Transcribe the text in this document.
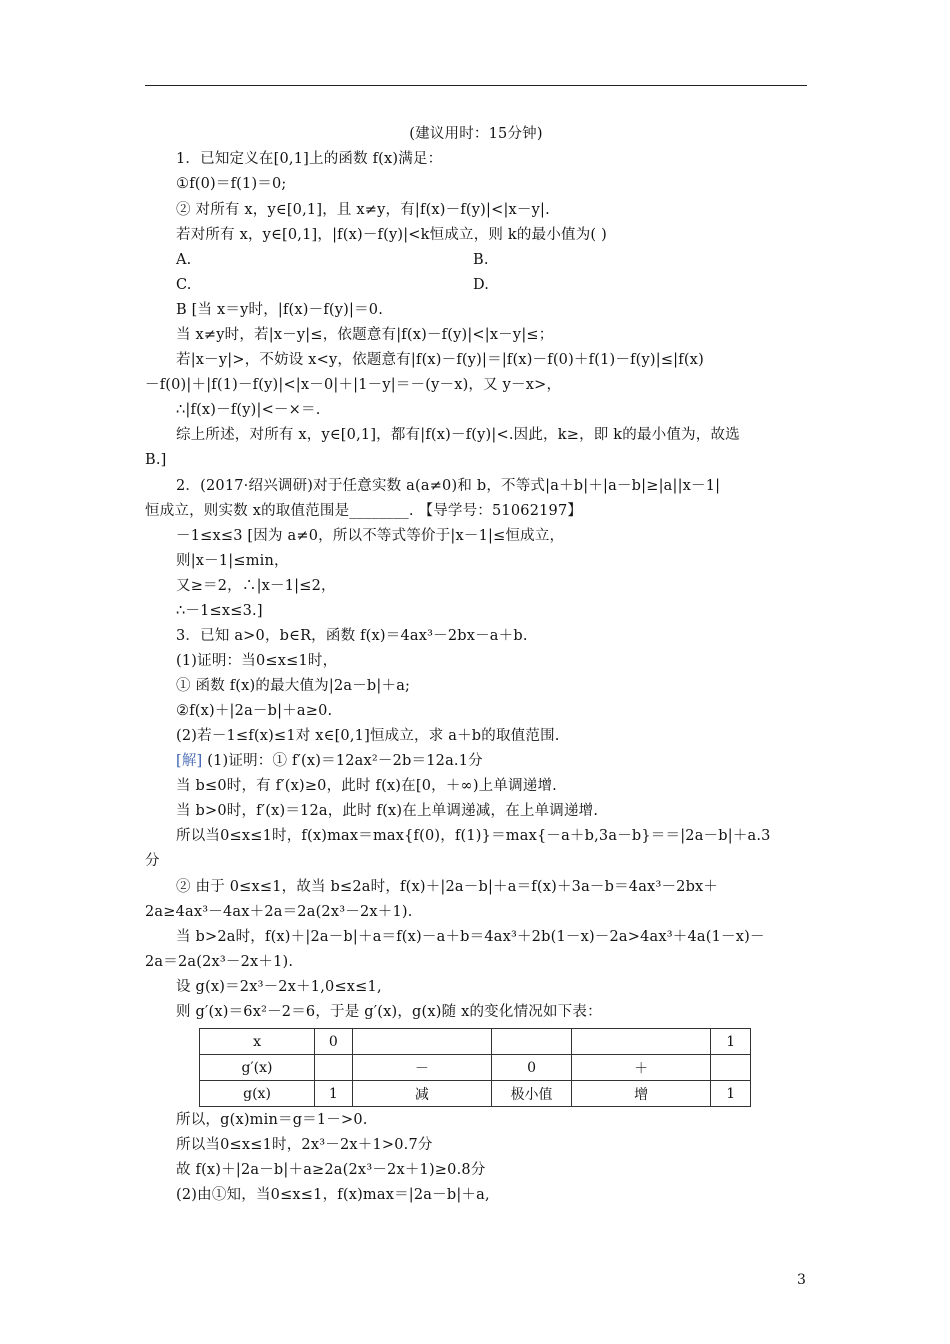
(建议用时：15分钟)
1．已知定义在[0,1]上的函数 f(x)满足：
①f(0)＝f(1)＝0;
② 对所有 x，y∈[0,1]，且 x≠y，有|f(x)－f(y)|<|x－y|.
若对所有 x，y∈[0,1]，|f(x)－f(y)|<k恒成立，则 k的最小值为( )
A.	B.
C.	D.
B [当 x＝y时，|f(x)－f(y)|＝0.
当 x≠y时，若|x－y|≤，依题意有|f(x)－f(y)|<|x－y|≤；
若|x－y|>，不妨设 x<y，依题意有|f(x)－f(y)|＝|f(x)－f(0)＋f(1)－f(y)|≤|f(x)
－f(0)|＋|f(1)－f(y)|<|x－0|＋|1－y|＝－(y－x)，又 y－x>，
∴|f(x)－f(y)|<－×＝.
综上所述，对所有 x，y∈[0,1]，都有|f(x)－f(y)|<.因此，k≥，即 k的最小值为，故选
B.]
2．(2017·绍兴调研)对于任意实数 a(a≠0)和 b，不等式|a＋b|＋|a－b|≥|a||x－1|
恒成立，则实数 x的取值范围是________. 【导学号：51062197】
－1≤x≤3 [因为 a≠0，所以不等式等价于|x－1|≤恒成立，
则|x－1|≤min，
又≥＝2，∴|x－1|≤2，
∴－1≤x≤3.]
3．已知 a>0，b∈R，函数 f(x)＝4ax³－2bx－a＋b.
(1)证明：当0≤x≤1时，
① 函数 f(x)的最大值为|2a－b|＋a;
②f(x)＋|2a－b|＋a≥0.
(2)若－1≤f(x)≤1对 x∈[0,1]恒成立，求 a＋b的取值范围.
[解] (1)证明：① f′(x)＝12ax²－2b＝12a.1分
当 b≤0时，有 f′(x)≥0，此时 f(x)在[0，＋∞)上单调递增.
当 b>0时，f′(x)＝12a，此时 f(x)在上单调递减，在上单调递增.
所以当0≤x≤1时，f(x)max＝max{f(0)，f(1)}＝max{－a＋b,3a－b}＝＝|2a－b|＋a.3
分
② 由于 0≤x≤1，故当 b≤2a时，f(x)＋|2a－b|＋a＝f(x)＋3a－b＝4ax³－2bx＋
2a≥4ax³－4ax＋2a＝2a(2x³－2x＋1).
当 b>2a时，f(x)＋|2a－b|＋a＝f(x)－a＋b＝4ax³＋2b(1－x)－2a>4ax³＋4a(1－x)－
2a＝2a(2x³－2x＋1).
设 g(x)＝2x³－2x＋1,0≤x≤1,
则 g′(x)＝6x²－2＝6，于是 g′(x)，g(x)随 x的变化情况如下表：
x	0				1
g′(x)		－	0	＋	
g(x)	1	减	极小值	增	1
所以，g(x)min＝g＝1－>0.
所以当0≤x≤1时，2x³－2x＋1>0.7分
故 f(x)＋|2a－b|＋a≥2a(2x³－2x＋1)≥0.8分
(2)由①知，当0≤x≤1，f(x)max＝|2a－b|＋a,
3
